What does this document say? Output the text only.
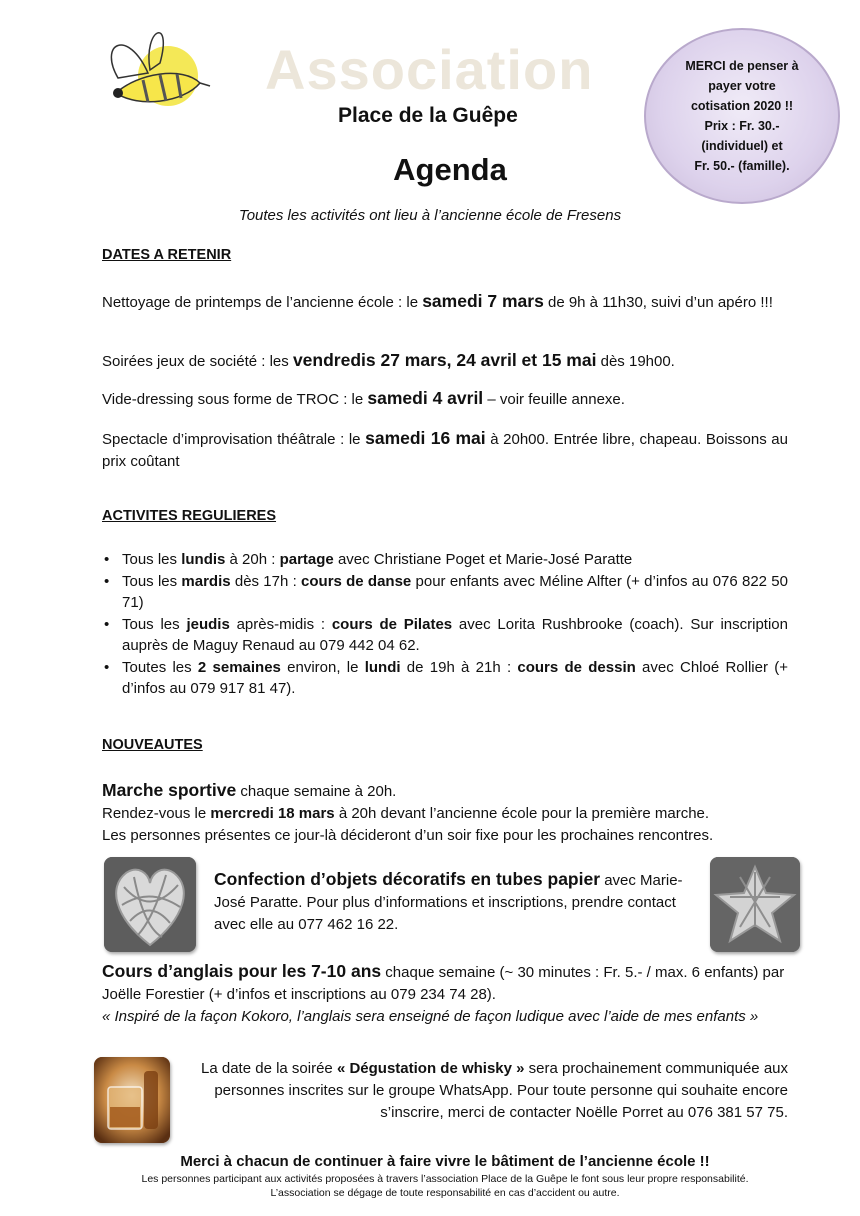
Association
Place de la Guêpe
Agenda
MERCI de penser à
payer votre
cotisation 2020 !!
Prix : Fr. 30.-
(individuel) et
Fr. 50.- (famille).
Toutes les activités ont lieu à l’ancienne école de Fresens
DATES A RETENIR
Nettoyage de printemps de l’ancienne école : le samedi 7 mars de 9h à 11h30, suivi d’un apéro !!!
Soirées jeux de société : les vendredis 27 mars, 24 avril et 15 mai dès 19h00.
Vide-dressing sous forme de TROC : le samedi 4 avril – voir feuille annexe.
Spectacle d’improvisation théâtrale : le samedi 16 mai à 20h00. Entrée libre, chapeau. Boissons au prix coûtant
ACTIVITES REGULIERES
• Tous les lundis à 20h : partage avec Christiane Poget et Marie-José Paratte
• Tous les mardis dès 17h : cours de danse pour enfants avec Méline Alfter (+ d’infos au 076 822 50 71)
• Tous les jeudis après-midis : cours de Pilates avec Lorita Rushbrooke (coach). Sur inscription auprès de Maguy Renaud au 079 442 04 62.
• Toutes les 2 semaines environ, le lundi de 19h à 21h : cours de dessin avec Chloé Rollier (+ d’infos au 079 917 81 47).
NOUVEAUTES
Marche sportive chaque semaine à 20h.
Rendez-vous le mercredi 18 mars à 20h devant l’ancienne école pour la première marche.
Les personnes présentes ce jour-là décideront d’un soir fixe pour les prochaines rencontres.
Confection d’objets décoratifs en tubes papier avec Marie-José Paratte. Pour plus d’informations et inscriptions, prendre contact avec elle au 077 462 16 22.
Cours d’anglais pour les 7-10 ans chaque semaine (~ 30 minutes : Fr. 5.- / max. 6 enfants) par Joëlle Forestier (+ d’infos et inscriptions au 079 234 74 28).
« Inspiré de la façon Kokoro, l’anglais sera enseigné de façon ludique avec l’aide de mes enfants »
La date de la soirée « Dégustation de whisky » sera prochainement communiquée aux personnes inscrites sur le groupe WhatsApp. Pour toute personne qui souhaite encore s’inscrire, merci de contacter Noëlle Porret au 076 381 57 75.
Merci à chacun de continuer à faire vivre le bâtiment de l’ancienne école !!
Les personnes participant aux activités proposées à travers l’association Place de la Guêpe le font sous leur propre responsabilité.
L’association se dégage de toute responsabilité en cas d’accident ou autre.
